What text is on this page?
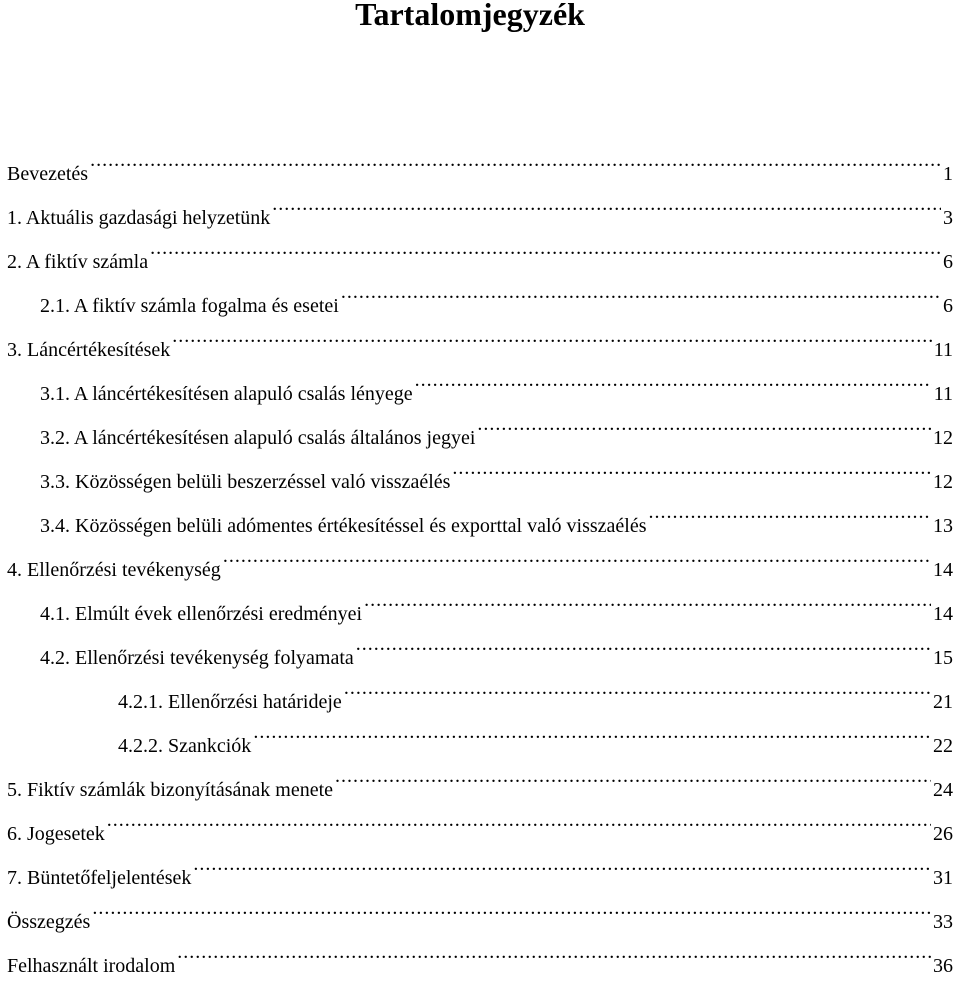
Tartalomjegyzék
Bevezetés .....	1
1. Aktuális gazdasági helyzetünk .....	3
2. A fiktív számla .....	6
2.1. A fiktív számla fogalma és esetei .....	6
3. Láncértékesítések .....	11
3.1. A láncértékesítésen alapuló csalás lényege .....	11
3.2. A láncértékesítésen alapuló csalás általános jegyei .....	12
3.3. Közösségen belüli beszerzéssel való visszaélés .....	12
3.4. Közösségen belüli adómentes értékesítéssel és exporttal való visszaélés .....	13
4. Ellenőrzési tevékenység .....	14
4.1. Elmúlt évek ellenőrzési eredményei .....	14
4.2. Ellenőrzési tevékenység folyamata .....	15
4.2.1. Ellenőrzési határideje .....	21
4.2.2. Szankciók .....	22
5. Fiktív számlák bizonyításának menete .....	24
6. Jogesetek .....	26
7. Büntetőfeljelentések .....	31
Összegzés .....	33
Felhasznált irodalom .....	36
